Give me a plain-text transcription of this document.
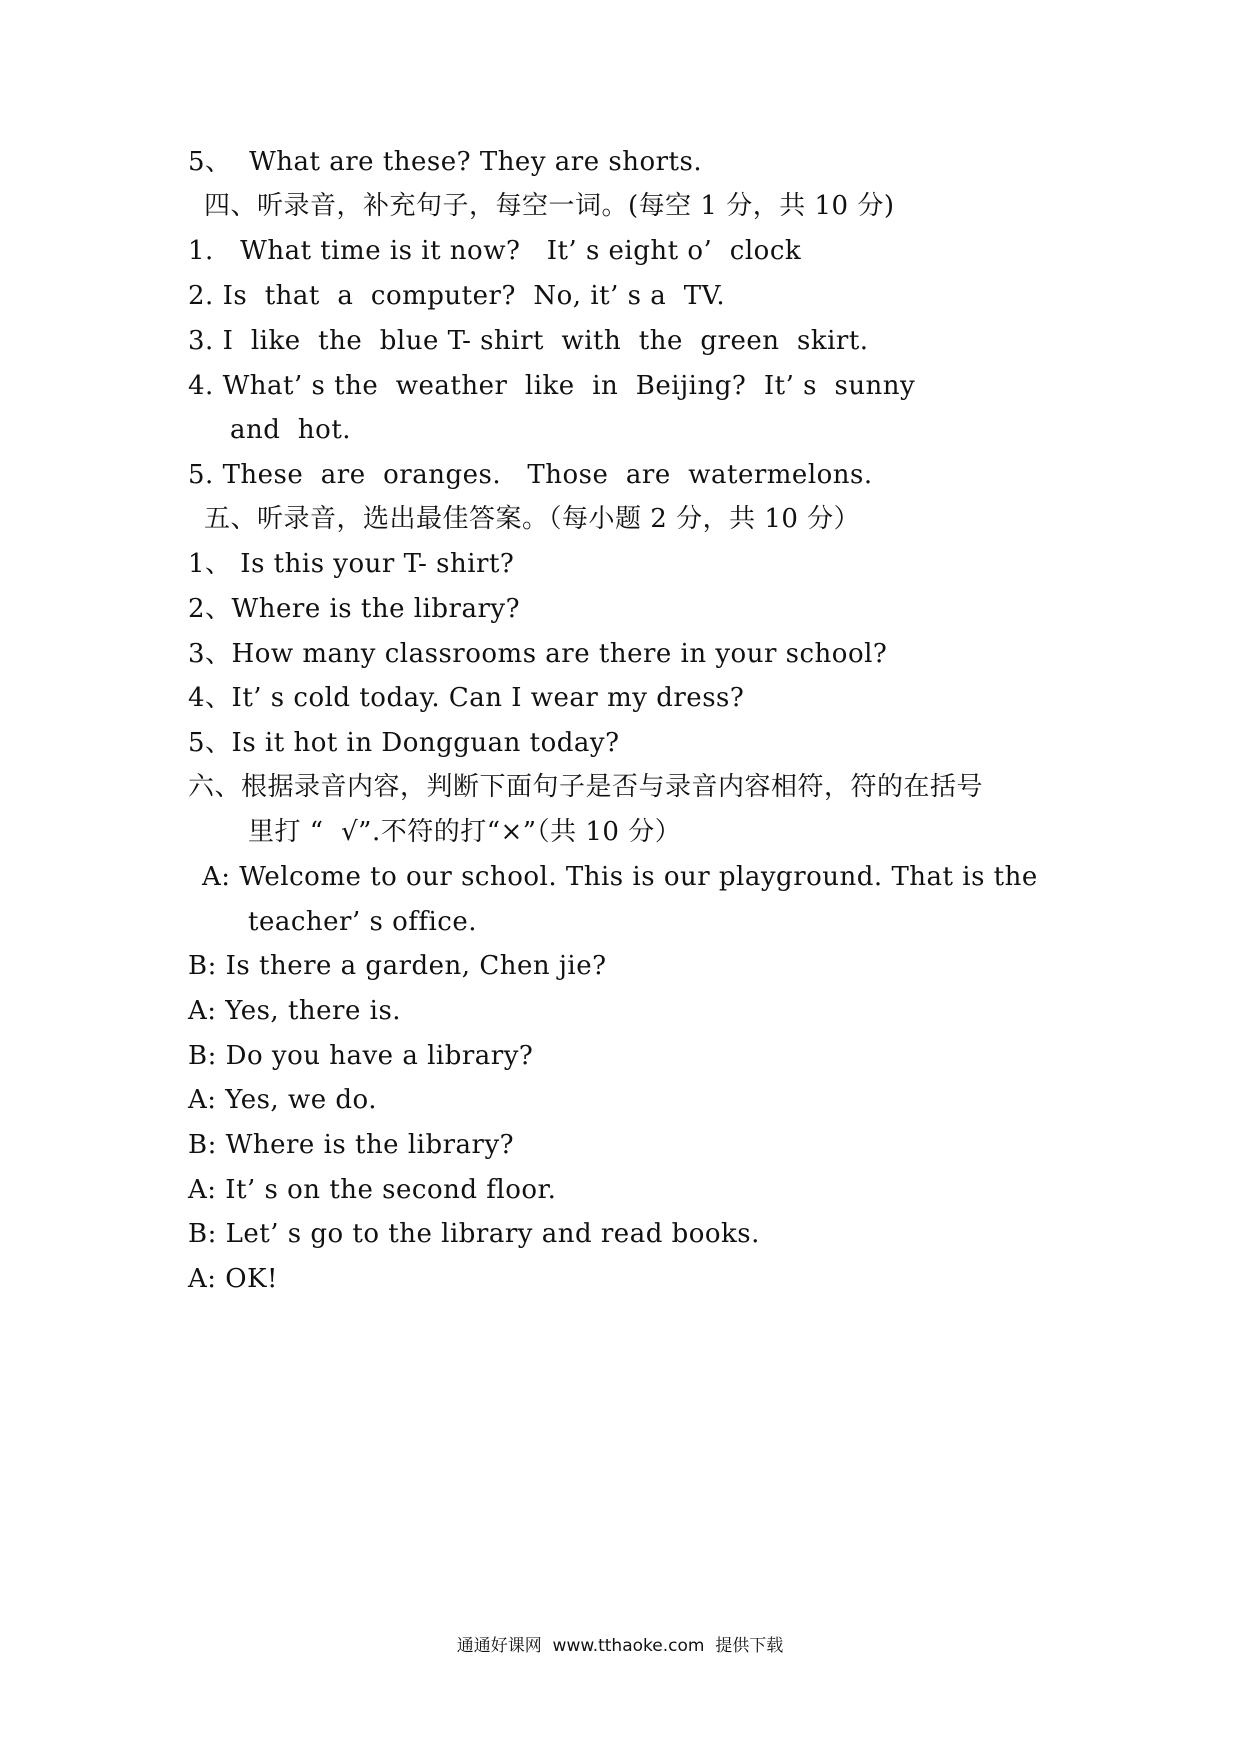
5、  What are these? They are shorts.
四、听录音，补充句子，每空一词。(每空 1 分，共 10 分)
1.   What time is it now?   It’ s eight o’  clock
2. Is  that  a  computer?  No, it’ s a  TV.
3. I  like  the  blue T- shirt  with  the  green  skirt.
4. What’ s the  weather  like  in  Beijing?  It’ s  sunny
and  hot.
5. These  are  oranges.   Those  are  watermelons.
五、听录音，选出最佳答案。（每小题 2 分，共 10 分）
1、 Is this your T- shirt?
2、Where is the library?
3、How many classrooms are there in your school?
4、It’ s cold today. Can I wear my dress?
5、Is it hot in Dongguan today?
六、根据录音内容，判断下面句子是否与录音内容相符，符的在括号
里打 “  √”.不符的打“×”（共 10 分）
A: Welcome to our school. This is our playground. That is the
teacher’ s office.
B: Is there a garden, Chen jie?
A: Yes, there is.
B: Do you have a library?
A: Yes, we do.
B: Where is the library?
A: It’ s on the second floor.
B: Let’ s go to the library and read books.
A: OK!
通通好课网  www.tthaoke.com  提供下载
